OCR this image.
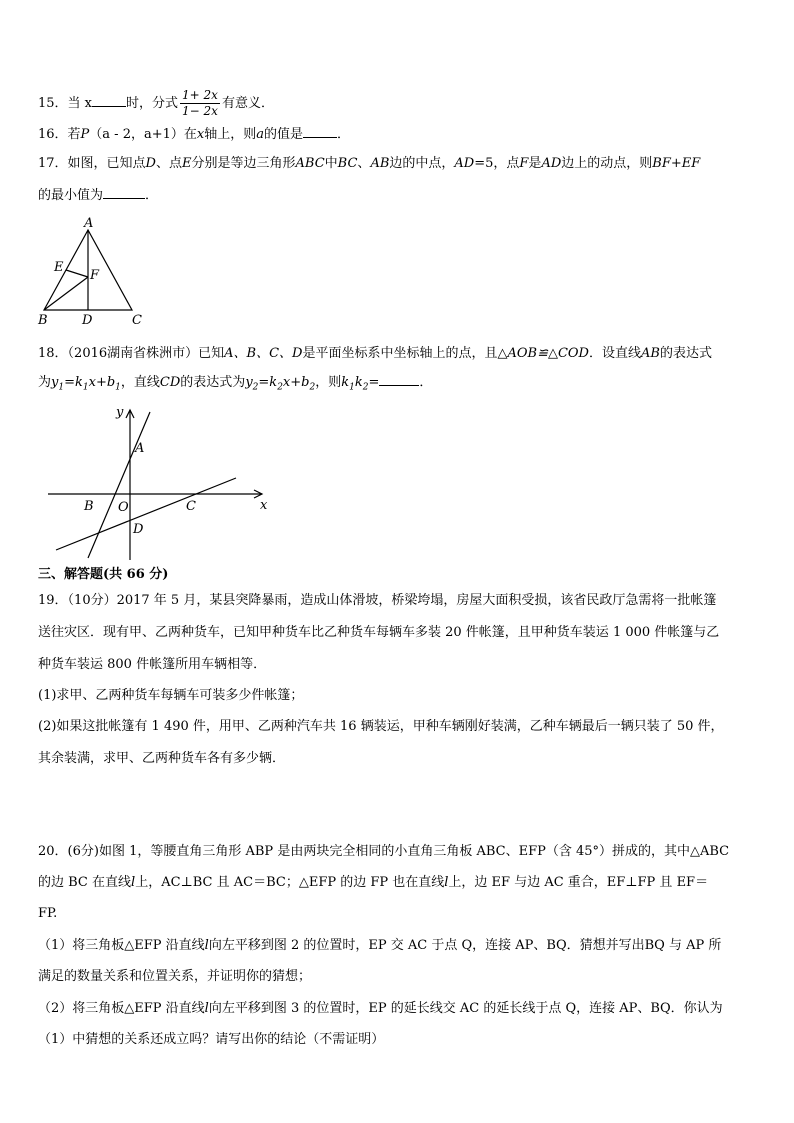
15．当 x	时，分式 $\frac{1+ 2x}{1- 2x}$ 有意义．
16．若P（a - 2，a+1）在x轴上，则a的值是	．
17．如图，已知点D、点E分别是等边三角形ABC中BC、AB边的中点，AD=5，点F是AD边上的动点，则BF+EF
的最小值为	．
A
B	D	C
E
F
18．（2016湖南省株洲市）已知A、B、C、D是平面坐标系中坐标轴上的点，且△AOB≌△COD．设直线AB的表达式
为$y_1=k_1x+b_1$，直线CD的表达式为$y_2=k_2x+b_2$，则$k_1k_2=$	．
y
x
A
B O	C
D
三、解答题(共 66 分)
19．（10分）2017 年 5 月，某县突降暴雨，造成山体滑坡，桥梁垮塌，房屋大面积受损，该省民政厅急需将一批帐篷
送往灾区．现有甲、乙两种货车，已知甲种货车比乙种货车每辆车多装 20 件帐篷，且甲种货车装运 1 000 件帐篷与乙
种货车装运 800 件帐篷所用车辆相等．
(1)求甲、乙两种货车每辆车可装多少件帐篷；
(2)如果这批帐篷有 1 490 件，用甲、乙两种汽车共 16 辆装运，甲种车辆刚好装满，乙种车辆最后一辆只装了 50 件，
其余装满，求甲、乙两种货车各有多少辆．
20．(6分)如图 1，等腰直角三角形 ABP 是由两块完全相同的小直角三角板 ABC、EFP（含 45°）拼成的，其中△ABC
的边 BC 在直线l上，AC⊥BC 且 AC＝BC；△EFP 的边 FP 也在直线l上，边 EF 与边 AC 重合，EF⊥FP 且 EF＝
FP.
（1）将三角板△EFP 沿直线l向左平移到图 2 的位置时，EP 交 AC 于点 Q，连接 AP、BQ．猜想并写出BQ 与 AP 所
满足的数量关系和位置关系，并证明你的猜想；
（2）将三角板△EFP 沿直线l向左平移到图 3 的位置时，EP 的延长线交 AC 的延长线于点 Q，连接 AP、BQ．你认为
（1）中猜想的关系还成立吗？请写出你的结论（不需证明）
